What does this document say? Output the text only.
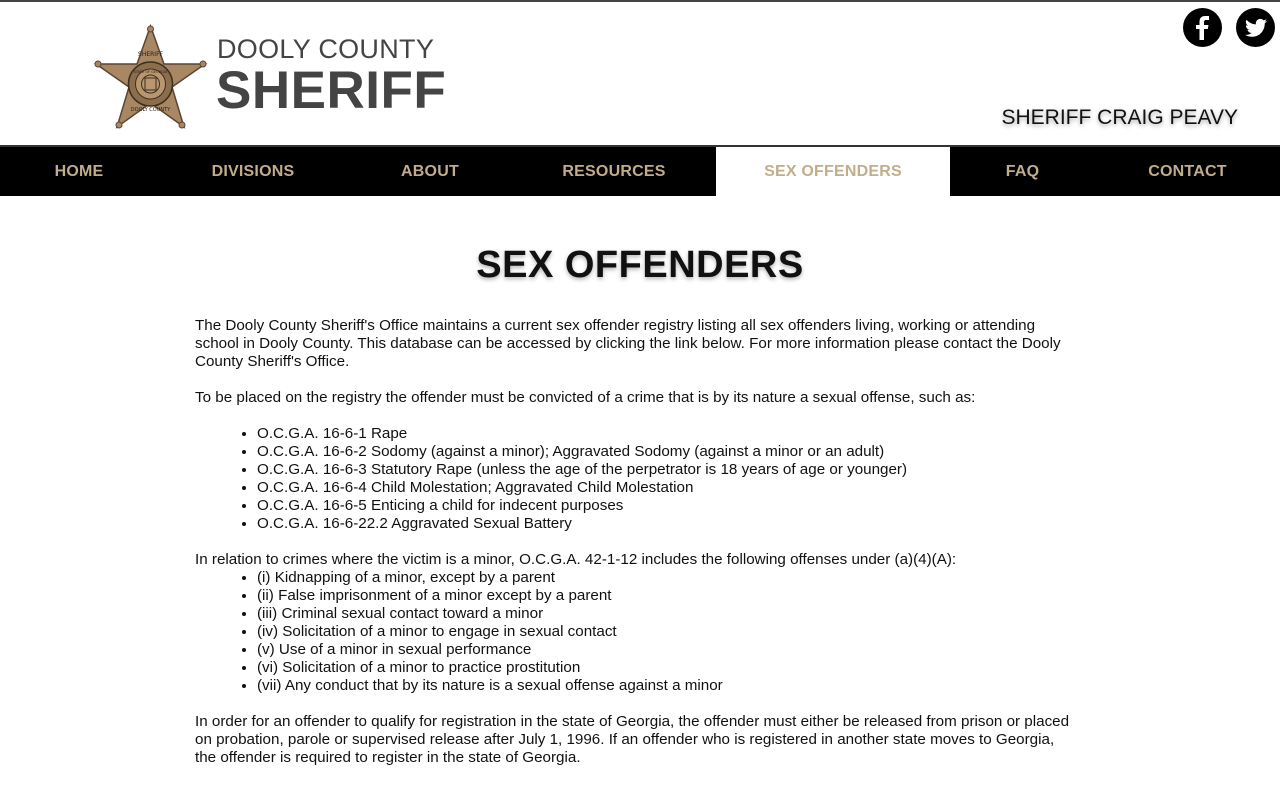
SHERIFF
DOOLY COUNTY
STATE OF GEORGIA
DOOLY COUNTY
SHERIFF	SHERIFF CRAIG PEAVY
HOME	DIVISIONS	ABOUT	RESOURCES	SEX OFFENDERS	FAQ	CONTACT
SEX OFFENDERS

The Dooly County Sheriff's Office maintains a current sex offender registry listing all sex offenders living, working or attending school in Dooly County. This database can be accessed by clicking the link below. For more information please contact the Dooly County Sheriff's Office.

To be placed on the registry the offender must be convicted of a crime that is by its nature a sexual offense, such as:

• O.C.G.A. 16-6-1 Rape
• O.C.G.A. 16-6-2 Sodomy (against a minor); Aggravated Sodomy (against a minor or an adult)
• O.C.G.A. 16-6-3 Statutory Rape (unless the age of the perpetrator is 18 years of age or younger)
• O.C.G.A. 16-6-4 Child Molestation; Aggravated Child Molestation
• O.C.G.A. 16-6-5 Enticing a child for indecent purposes
• O.C.G.A. 16-6-22.2 Aggravated Sexual Battery

In relation to crimes where the victim is a minor, O.C.G.A. 42-1-12 includes the following offenses under (a)(4)(A):

• (i) Kidnapping of a minor, except by a parent
• (ii) False imprisonment of a minor except by a parent
• (iii) Criminal sexual contact toward a minor
• (iv) Solicitation of a minor to engage in sexual contact
• (v) Use of a minor in sexual performance
• (vi) Solicitation of a minor to practice prostitution
• (vii) Any conduct that by its nature is a sexual offense against a minor

In order for an offender to qualify for registration in the state of Georgia, the offender must either be released from prison or placed on probation, parole or supervised release after July 1, 1996. If an offender who is registered in another state moves to Georgia, the offender is required to register in the state of Georgia.
